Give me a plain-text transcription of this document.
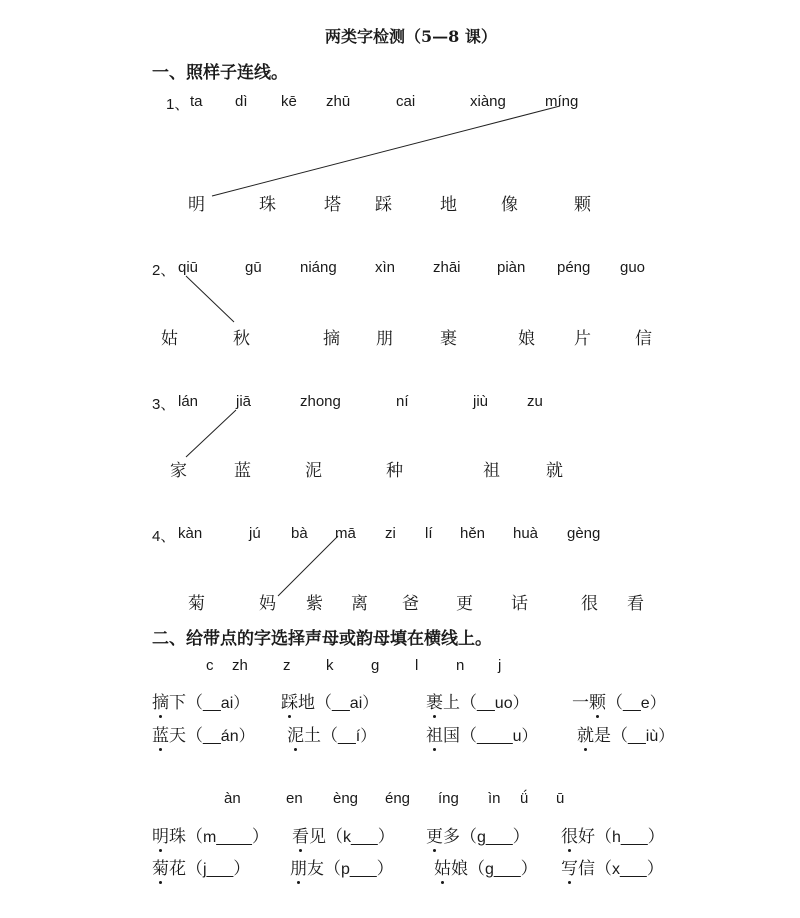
两类字检测（5—8 课）
一、照样子连线。
1、 ta dì kē zhū	cai	xiàng	míng
明	珠	塔 踩	地	像	颗
2、 qiū	gū	niáng	xìn	zhāi piàn péng guo
姑	秋	摘 朋	裹	娘 片	信
3、 lán	jiā	zhong	ní	jiù	zu
家	蓝	泥	种	祖	就
4、 kàn	jú bà mā zi lí hěn huà gèng
菊	妈 紫 离 爸 更 话	很 看
二、给带点的字选择声母或韵母填在横线上。
c zh z k	g l	n j
摘下（__ai） 踩地（__ai）	裹上（__uo）	一颗（__e）
蓝天（__án） 泥土（__í）	祖国（____u） 就是（__iù）
àn	en èng éng íng ìn ǘ ū
明珠（m____） 看见（k___） 更多（g___） 很好（h___）
菊花（j___） 朋友（p___） 姑娘（g___） 写信（x___）
